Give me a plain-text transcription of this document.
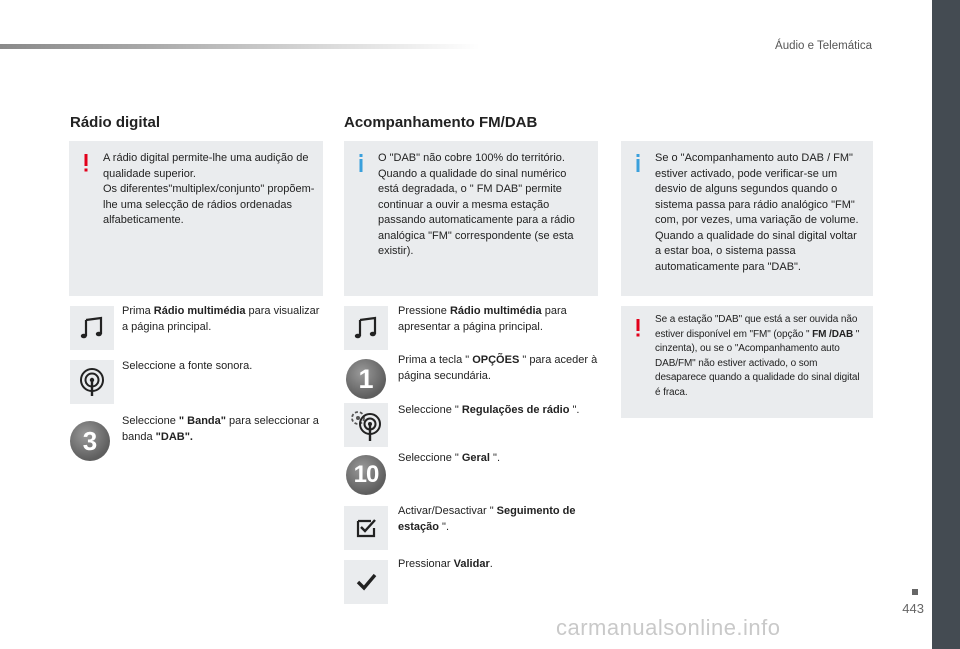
Áudio e Telemática
Rádio digital
A rádio digital permite-lhe uma audição de qualidade superior.
Os diferentes"multiplex/conjunto" propõem-lhe uma selecção de rádios ordenadas alfabeticamente.
Prima Rádio multimédia para visualizar a página principal.
Seleccione a fonte sonora.
3
Seleccione " Banda" para seleccionar a banda "DAB".
Acompanhamento FM/DAB
O "DAB" não cobre 100% do território.
Quando a qualidade do sinal numérico está degradada, o " FM DAB" permite continuar a ouvir a mesma estação passando automaticamente para a rádio analógica "FM" correspondente (se esta existir).
Pressione Rádio multimédia para apresentar a página principal.
1
Prima a tecla " OPÇÕES " para aceder à página secundária.
Seleccione " Regulações de rádio ".
10
Seleccione " Geral ".
Activar/Desactivar " Seguimento de estação ".
Pressionar Validar.
Se o "Acompanhamento auto DAB / FM" estiver activado, pode verificar-se um desvio de alguns segundos quando o sistema passa para rádio analógico "FM" com, por vezes, uma variação de volume.
Quando a qualidade do sinal digital voltar a estar boa, o sistema passa automaticamente para "DAB".
Se a estação "DAB" que está a ser ouvida não estiver disponível em "FM" (opção " FM /DAB " cinzenta), ou se o "Acompanhamento auto DAB/FM" não estiver activado, o som desaparece quando a qualidade do sinal digital é fraca.
443
carmanualsonline.info
